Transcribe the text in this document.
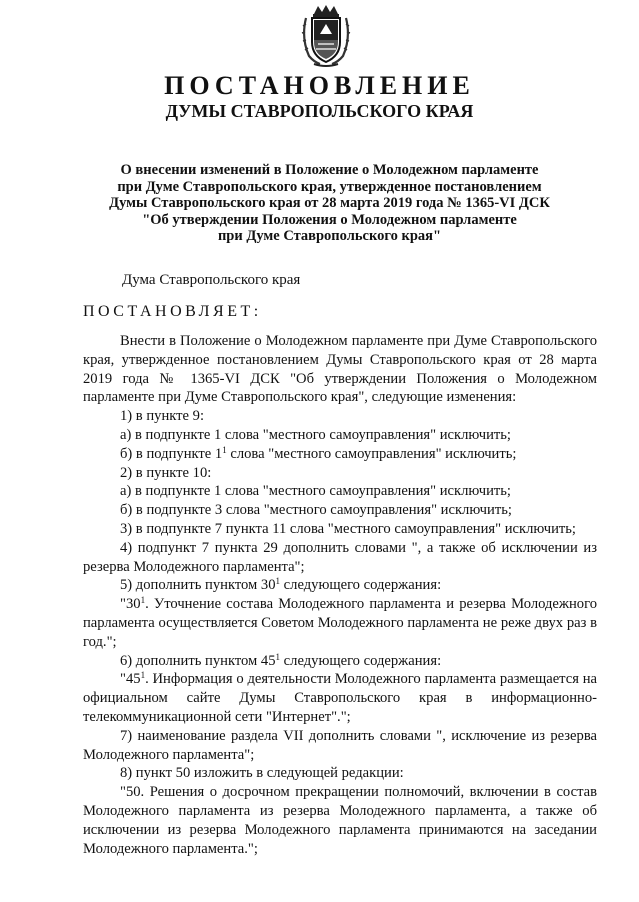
ПОСТАНОВЛЕНИЕ
ДУМЫ СТАВРОПОЛЬСКОГО КРАЯ
О внесении изменений в Положение о Молодежном парламенте
при Думе Ставропольского края, утвержденное постановлением
Думы Ставропольского края от 28 марта 2019 года № 1365-VI ДСК
"Об утверждении Положения о Молодежном парламенте
при Думе Ставропольского края"
Дума Ставропольского края
ПОСТАНОВЛЯЕТ:

Внести в Положение о Молодежном парламенте при Думе Ставропольского края, утвержденное постановлением Думы Ставропольского края от 28 марта 2019 года № 1365-VI ДСК "Об утверждении Положения о Молодежном парламенте при Думе Ставропольского края", следующие изменения:

1) в пункте 9:

а) в подпункте 1 слова "местного самоуправления" исключить;

б) в подпункте $1^1$ слова "местного самоуправления" исключить;

2) в пункте 10:

а) в подпункте 1 слова "местного самоуправления" исключить;

б) в подпункте 3 слова "местного самоуправления" исключить;

3) в подпункте 7 пункта 11 слова "местного самоуправления" исключить;

4) подпункт 7 пункта 29 дополнить словами ", а также об исключении из резерва Молодежного парламента";

5) дополнить пунктом $30^1$ следующего содержания:

"$30^1$. Уточнение состава Молодежного парламента и резерва Молодежного парламента осуществляется Советом Молодежного парламента не реже двух раз в год.";

6) дополнить пунктом $45^1$ следующего содержания:

"$45^1$. Информация о деятельности Молодежного парламента размещается на официальном сайте Думы Ставропольского края в информационно-телекоммуникационной сети "Интернет".";

7) наименование раздела VII дополнить словами ", исключение из резерва Молодежного парламента";

8) пункт 50 изложить в следующей редакции:

"50. Решения о досрочном прекращении полномочий, включении в состав Молодежного парламента из резерва Молодежного парламента, а также об исключении из резерва Молодежного парламента принимаются на заседании Молодежного парламента.";
